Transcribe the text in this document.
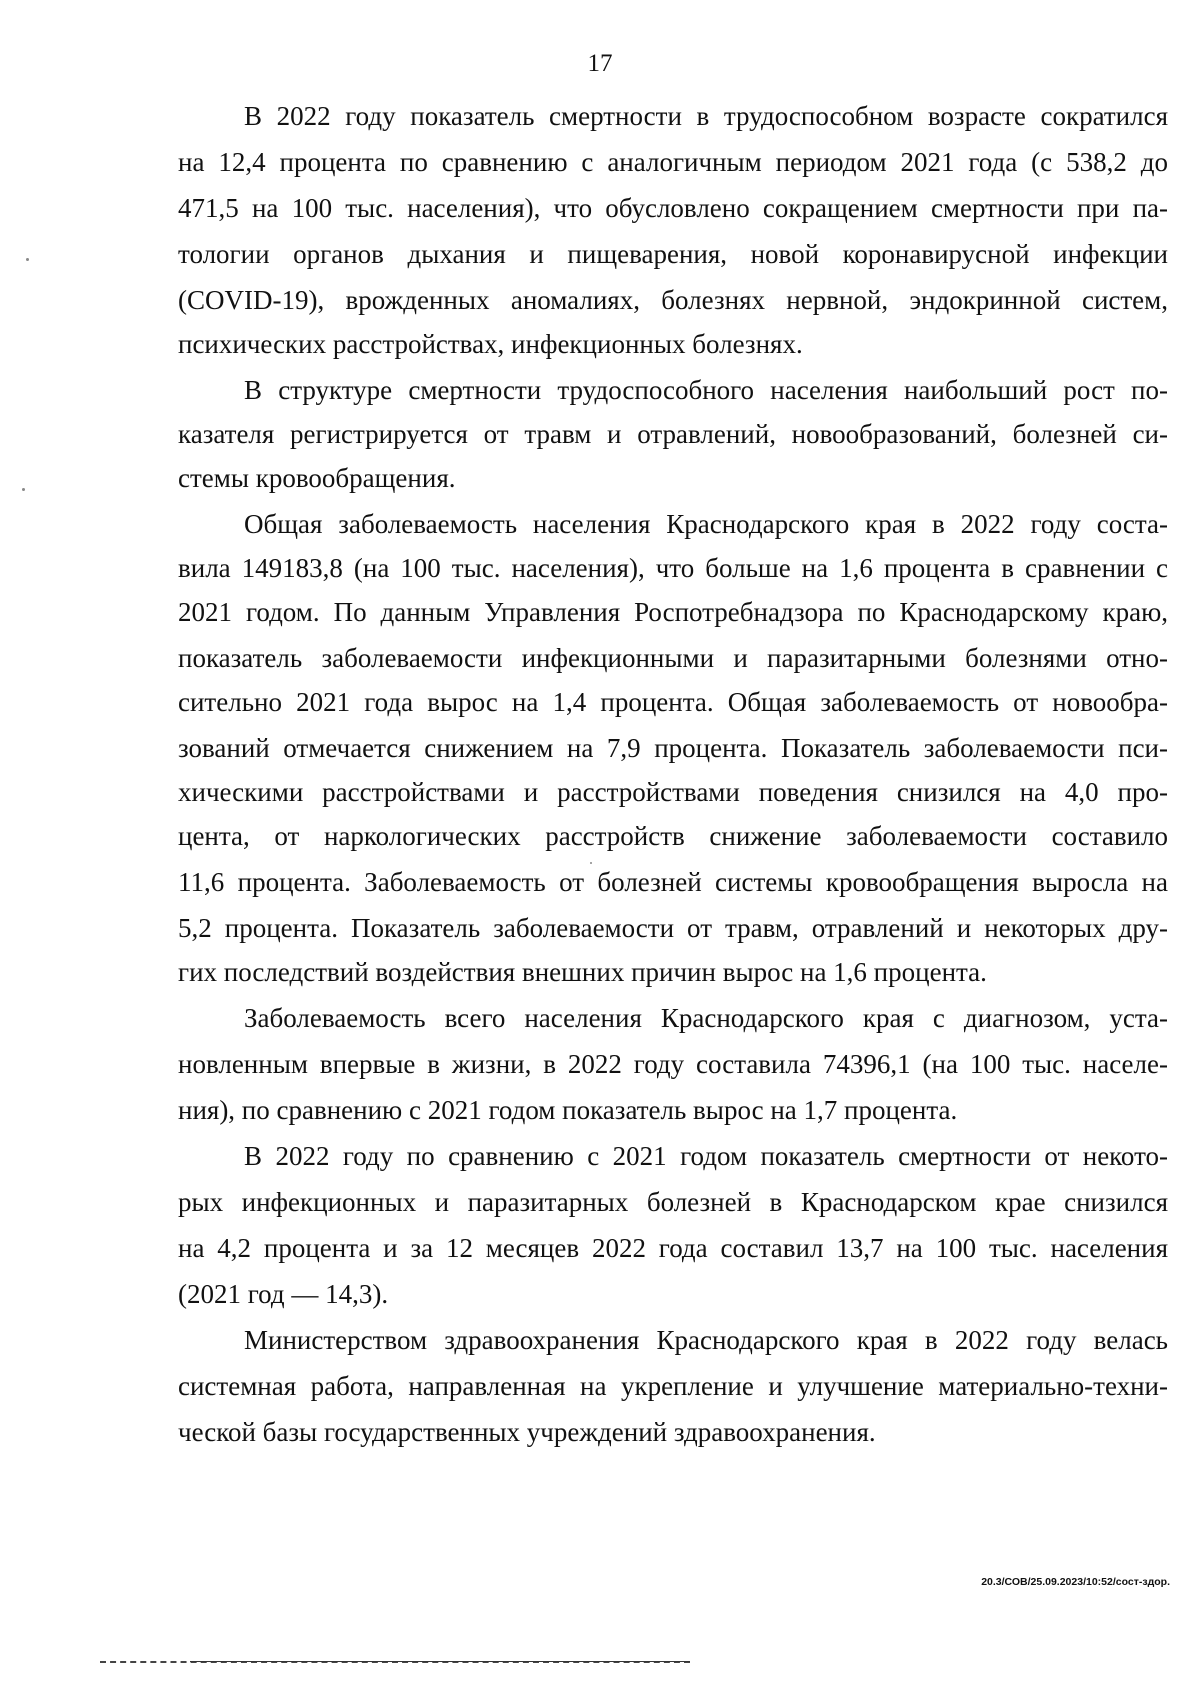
17
В 2022 году показатель смертности в трудоспособном возрасте сократился
на 12,4 процента по сравнению с аналогичным периодом 2021 года (с 538,2 до
471,5 на 100 тыс. населения), что обусловлено сокращением смертности при па-
тологии органов дыхания и пищеварения, новой коронавирусной инфекции
(COVID-19), врожденных аномалиях, болезнях нервной, эндокринной систем,
психических расстройствах, инфекционных болезнях.
В структуре смертности трудоспособного населения наибольший рост по-
казателя регистрируется от травм и отравлений, новообразований, болезней си-
стемы кровообращения.
Общая заболеваемость населения Краснодарского края в 2022 году соста-
вила 149183,8 (на 100 тыс. населения), что больше на 1,6 процента в сравнении с
2021 годом. По данным Управления Роспотребнадзора по Краснодарскому краю,
показатель заболеваемости инфекционными и паразитарными болезнями отно-
сительно 2021 года вырос на 1,4 процента. Общая заболеваемость от новообра-
зований отмечается снижением на 7,9 процента. Показатель заболеваемости пси-
хическими расстройствами и расстройствами поведения снизился на 4,0 про-
цента, от наркологических расстройств снижение заболеваемости составило
11,6 процента. Заболеваемость от болезней системы кровообращения выросла на
5,2 процента. Показатель заболеваемости от травм, отравлений и некоторых дру-
гих последствий воздействия внешних причин вырос на 1,6 процента.
Заболеваемость всего населения Краснодарского края с диагнозом, уста-
новленным впервые в жизни, в 2022 году составила 74396,1 (на 100 тыс. населе-
ния), по сравнению с 2021 годом показатель вырос на 1,7 процента.
В 2022 году по сравнению с 2021 годом показатель смертности от некото-
рых инфекционных и паразитарных болезней в Краснодарском крае снизился
на 4,2 процента и за 12 месяцев 2022 года составил 13,7 на 100 тыс. населения
(2021 год — 14,3).
Министерством здравоохранения Краснодарского края в 2022 году велась
системная работа, направленная на укрепление и улучшение материально-техни-
ческой базы государственных учреждений здравоохранения.
20.3/СОВ/25.09.2023/10:52/сост-здор.
